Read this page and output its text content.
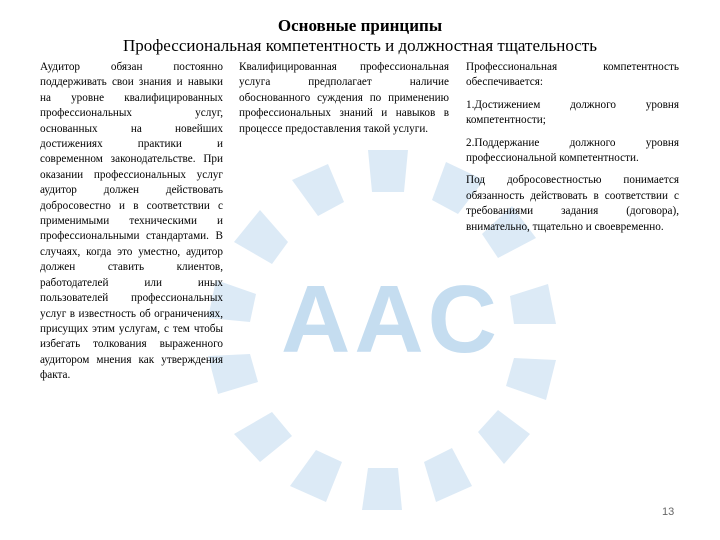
AAC
Основные принципы
Профессиональная компетентность и должностная тщательность

Аудитор обязан постоянно поддерживать свои знания и навыки на уровне квалифицированных профессиональных услуг, основанных на новейших достижениях практики и современном законодательстве. При оказании профессиональных услуг аудитор должен действовать добросовестно и в соответствии с применимыми техническими и профессиональными стандартами. В случаях, когда это уместно, аудитор должен ставить клиентов, работодателей или иных пользователей профессиональных услуг в известность об ограничениях, присущих этим услугам, с тем чтобы избегать толкования выраженного аудитором мнения как утверждения факта.

Квалифицированная профессиональная услуга предполагает наличие обоснованного суждения по применению профессиональных знаний и навыков в процессе предоставления такой услуги.

Профессиональная компетентность обеспечивается:

1.Достижением должного уровня компетентности;

2.Поддержание должного уровня профессиональной компетентности.

Под добросовестностью понимается обязанность действовать в соответствии с требованиями задания (договора), внимательно, тщательно и своевременно.

13
